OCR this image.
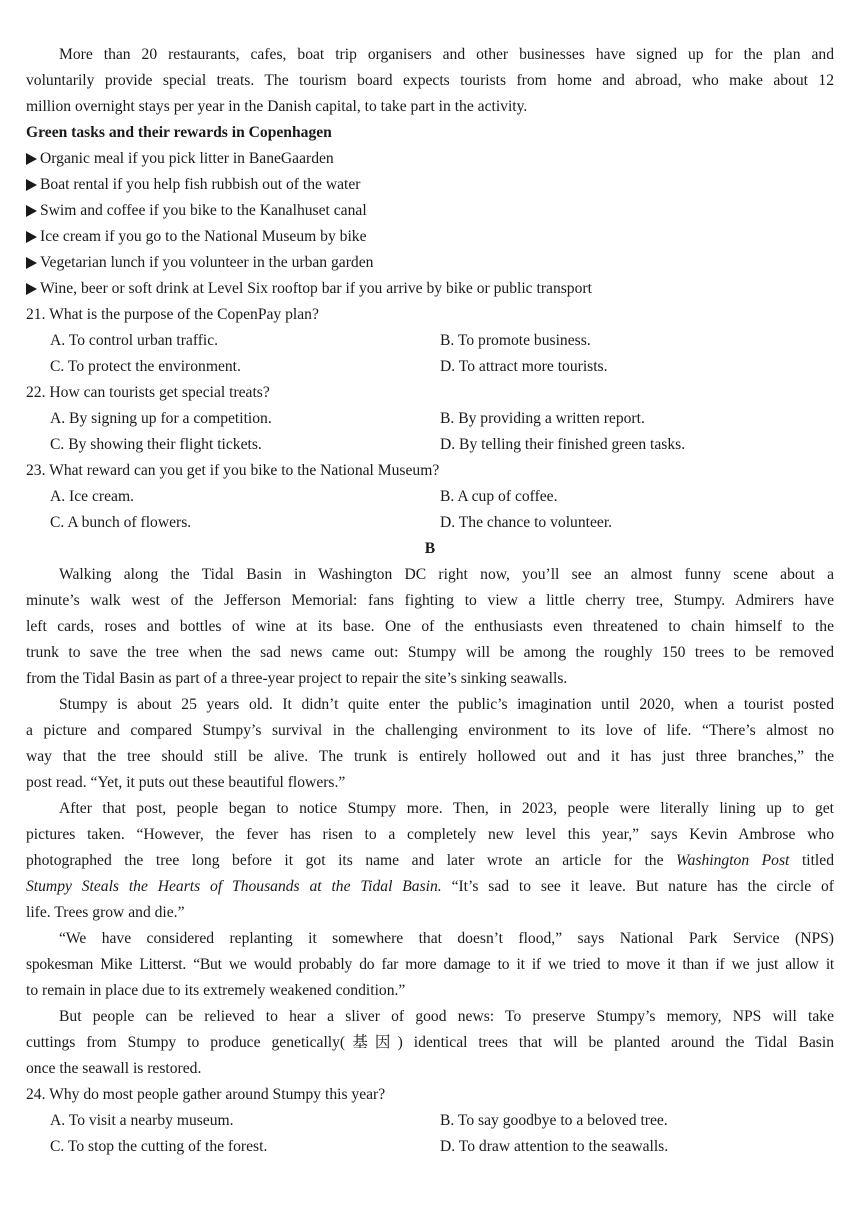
More than 20 restaurants, cafes, boat trip organisers and other businesses have signed up for the plan and
voluntarily provide special treats. The tourism board expects tourists from home and abroad, who make about 12
million overnight stays per year in the Danish capital, to take part in the activity.
Green tasks and their rewards in Copenhagen
Organic meal if you pick litter in BaneGaarden
Boat rental if you help fish rubbish out of the water
Swim and coffee if you bike to the Kanalhuset canal
Ice cream if you go to the National Museum by bike
Vegetarian lunch if you volunteer in the urban garden
Wine, beer or soft drink at Level Six rooftop bar if you arrive by bike or public transport
21. What is the purpose of the CopenPay plan?
A. To control urban traffic.	B. To promote business.
C. To protect the environment.	D. To attract more tourists.
22. How can tourists get special treats?
A. By signing up for a competition.	B. By providing a written report.
C. By showing their flight tickets.	D. By telling their finished green tasks.
23. What reward can you get if you bike to the National Museum?
A. Ice cream.	B. A cup of coffee.
C. A bunch of flowers.	D. The chance to volunteer.
B
Walking along the Tidal Basin in Washington DC right now, you’ll see an almost funny scene about a
minute’s walk west of the Jefferson Memorial: fans fighting to view a little cherry tree, Stumpy. Admirers have
left cards, roses and bottles of wine at its base. One of the enthusiasts even threatened to chain himself to the
trunk to save the tree when the sad news came out: Stumpy will be among the roughly 150 trees to be removed
from the Tidal Basin as part of a three-year project to repair the site’s sinking seawalls.
Stumpy is about 25 years old. It didn’t quite enter the public’s imagination until 2020, when a tourist posted
a picture and compared Stumpy’s survival in the challenging environment to its love of life. “There’s almost no
way that the tree should still be alive. The trunk is entirely hollowed out and it has just three branches,” the
post read. “Yet, it puts out these beautiful flowers.”
After that post, people began to notice Stumpy more. Then, in 2023, people were literally lining up to get
pictures taken. “However, the fever has risen to a completely new level this year,” says Kevin Ambrose who
photographed the tree long before it got its name and later wrote an article for the Washington Post titled
Stumpy Steals the Hearts of Thousands at the Tidal Basin. “It’s sad to see it leave. But nature has the circle of
life. Trees grow and die.”
“We have considered replanting it somewhere that doesn’t flood,” says National Park Service (NPS)
spokesman Mike Litterst. “But we would probably do far more damage to it if we tried to move it than if we just allow it
to remain in place due to its extremely weakened condition.”
But people can be relieved to hear a sliver of good news: To preserve Stumpy’s memory, NPS will take
cuttings from Stumpy to produce genetically(基因) identical trees that will be planted around the Tidal Basin
once the seawall is restored.
24. Why do most people gather around Stumpy this year?
A. To visit a nearby museum.	B. To say goodbye to a beloved tree.
C. To stop the cutting of the forest.	D. To draw attention to the seawalls.
